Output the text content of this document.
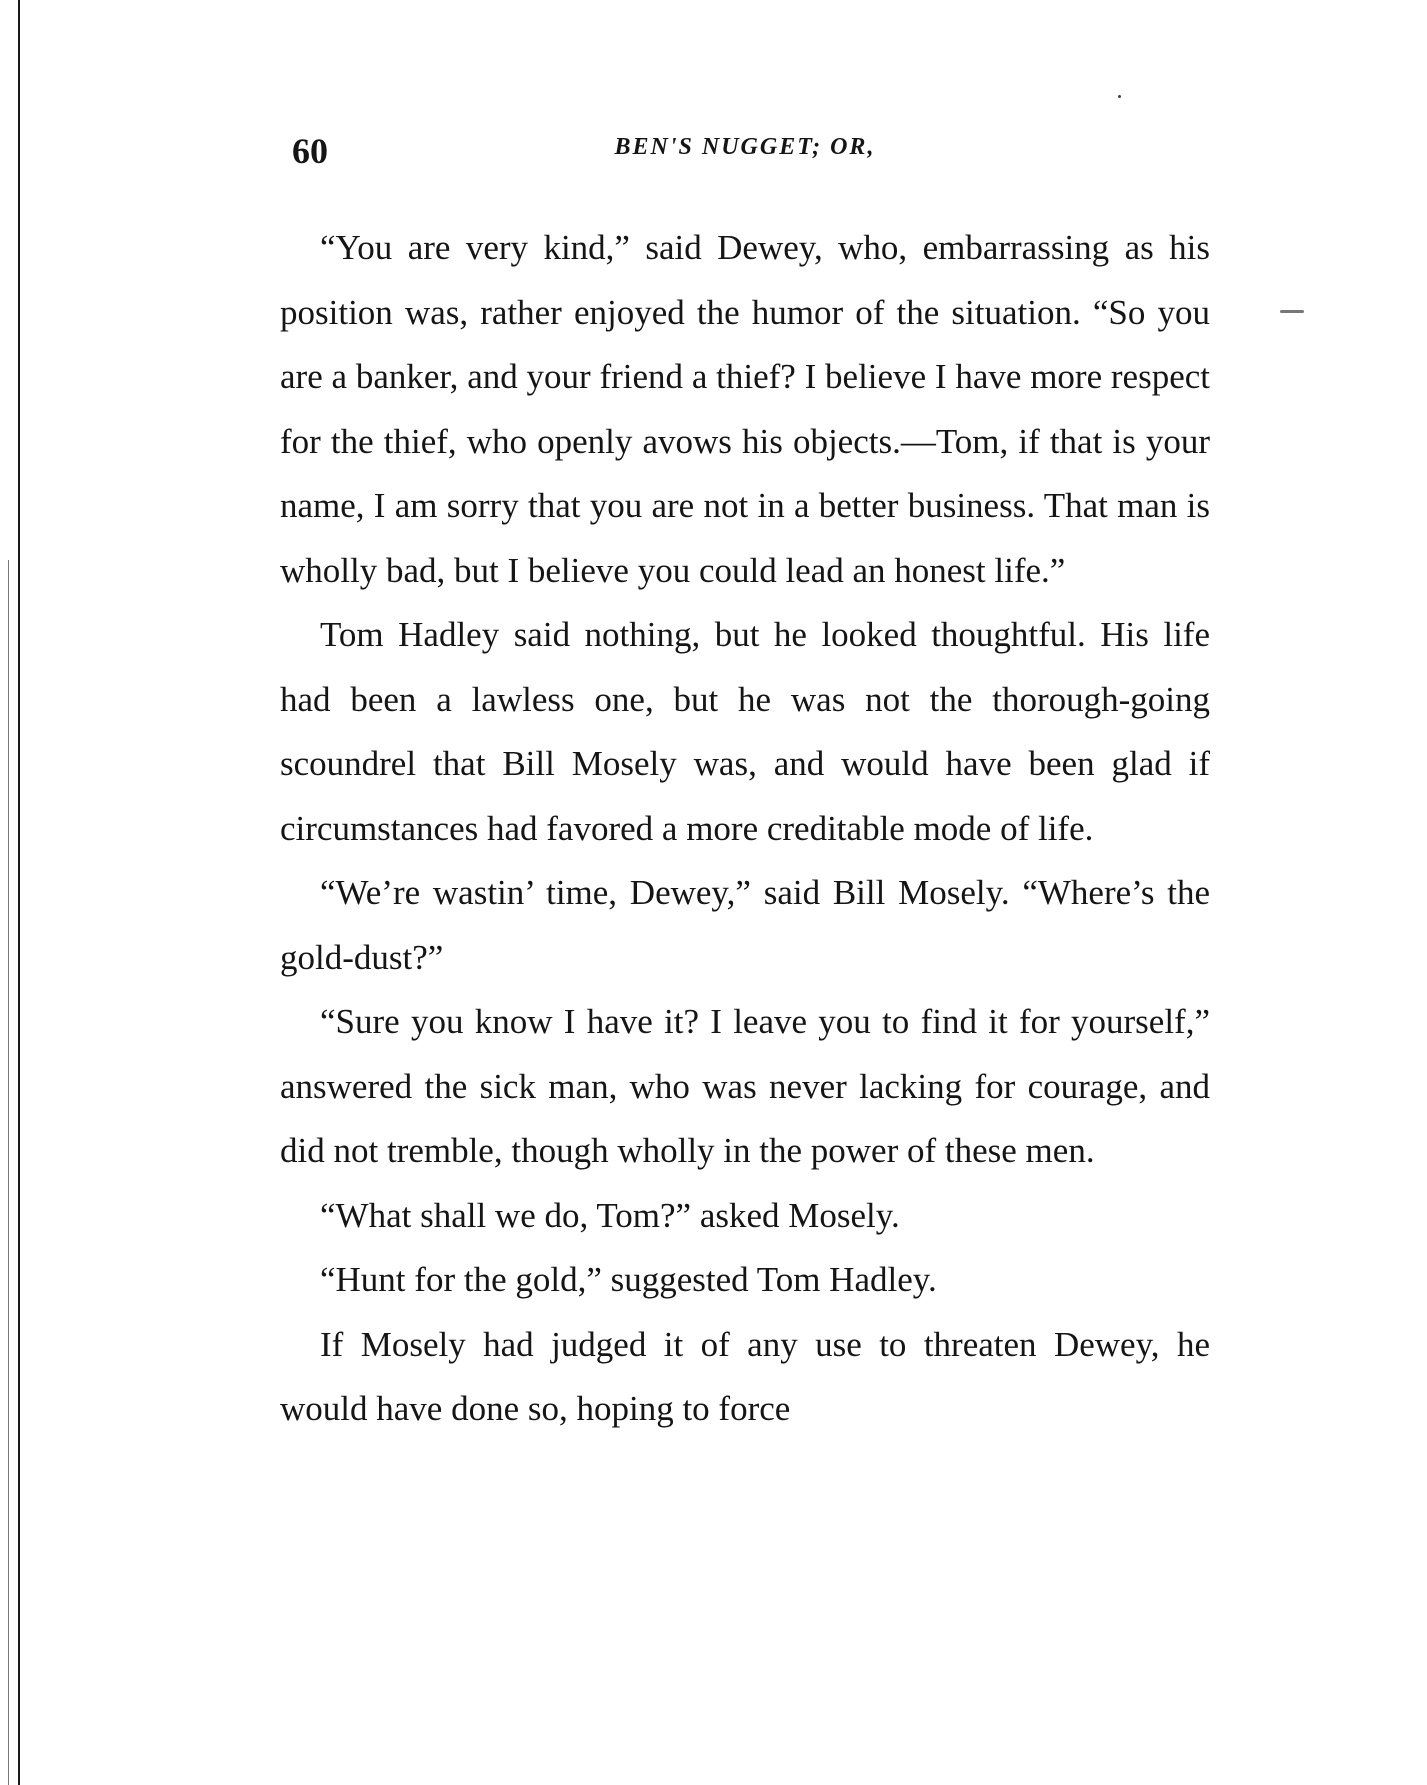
60	BEN'S NUGGET; OR,

“You are very kind,” said Dewey, who, embarrassing as his position was, rather enjoyed the humor of the situation. “So you are a banker, and your friend a thief? I believe I have more respect for the thief, who openly avows his objects.—Tom, if that is your name, I am sorry that you are not in a better business. That man is wholly bad, but I believe you could lead an honest life.”

Tom Hadley said nothing, but he looked thoughtful. His life had been a lawless one, but he was not the thorough-going scoundrel that Bill Mosely was, and would have been glad if circumstances had favored a more creditable mode of life.

“We’re wastin’ time, Dewey,” said Bill Mosely. “Where’s the gold-dust?”

“Sure you know I have it? I leave you to find it for yourself,” answered the sick man, who was never lacking for courage, and did not tremble, though wholly in the power of these men.

“What shall we do, Tom?” asked Mosely.

“Hunt for the gold,” suggested Tom Hadley.

If Mosely had judged it of any use to threaten Dewey, he would have done so, hoping to force
